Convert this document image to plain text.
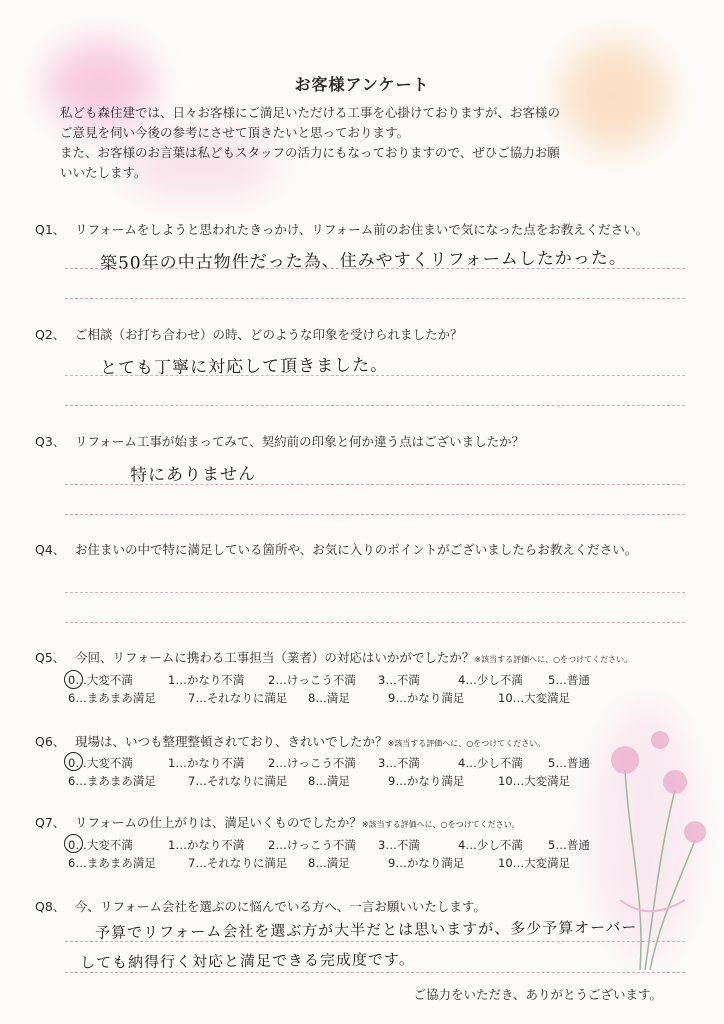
お客様アンケート

私ども森住建では、日々お客様にご満足いただける工事を心掛けておりますが、お客様の

ご意見を伺い今後の参考にさせて頂きたいと思っております。

また、お客様のお言葉は私どもスタッフの活力にもなっておりますので、ぜひご協力お願

いいたします。

Q1、 リフォームをしようと思われたきっかけ、リフォーム前のお住まいで気になった点をお教えください。
築50年の中古物件だった為、住みやすくリフォームしたかった。
Q2、 ご相談（お打ち合わせ）の時、どのような印象を受けられましたか？
とても丁寧に対応して頂きました。
Q3、 リフォーム工事が始まってみて、契約前の印象と何か違う点はございましたか？
特にありません
Q4、 お住まいの中で特に満足している箇所や、お気に入りのポイントがございましたらお教えください。
Q5、 今回、リフォームに携わる工事担当（業者）の対応はいかがでしたか？※該当する評価へに、○をつけてください。
0…大変不満	1…かなり不満	2…けっこう不満	3…不満	4…少し不満	5…普通
6…まあまあ満足	7…それなりに満足	8…満足	9…かなり満足	10…大変満足
Q6、 現場は、いつも整理整頓されており、きれいでしたか？※該当する評価へに、○をつけてください。
0…大変不満	1…かなり不満	2…けっこう不満	3…不満	4…少し不満	5…普通
6…まあまあ満足	7…それなりに満足	8…満足	9…かなり満足	10…大変満足
Q7、 リフォームの仕上がりは、満足いくものでしたか？※該当する評価へに、○をつけてください。
0…大変不満	1…かなり不満	2…けっこう不満	3…不満	4…少し不満	5…普通
6…まあまあ満足	7…それなりに満足	8…満足	9…かなり満足	10…大変満足
Q8、 今、リフォーム会社を選ぶのに悩んでいる方へ、一言お願いいたします。
予算でリフォーム会社を選ぶ方が大半だとは思いますが、多少予算オーバー
しても納得行く対応と満足できる完成度です。
ご協力をいただき、ありがとうございます。
